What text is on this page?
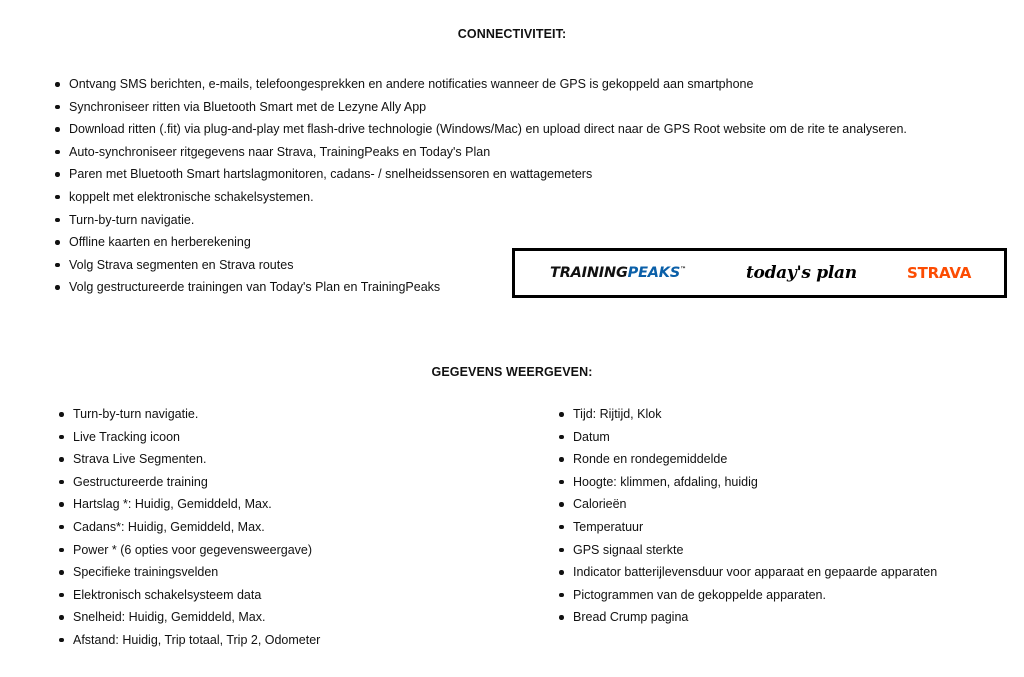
CONNECTIVITEIT:
Ontvang SMS berichten, e-mails, telefoongesprekken en andere notificaties wanneer de GPS is gekoppeld aan smartphone
Synchroniseer ritten via Bluetooth Smart met de Lezyne Ally App
Download ritten (.fit) via plug-and-play met flash-drive technologie (Windows/Mac) en upload direct naar de GPS Root website om de rite te analyseren.
Auto-synchroniseer ritgegevens naar Strava, TrainingPeaks en Today's Plan
Paren met Bluetooth Smart hartslagmonitoren, cadans- / snelheidssensoren en wattagemeters
koppelt met elektronische schakelsystemen.
Turn-by-turn navigatie.
Offline kaarten en herberekening
Volg Strava segmenten en Strava routes
Volg gestructureerde trainingen van Today's Plan en TrainingPeaks
TRAININGPEAKS™	today's plan	STRAVA
GEGEVENS WEERGEVEN:
Turn-by-turn navigatie.
Live Tracking icoon
Strava Live Segmenten.
Gestructureerde training
Hartslag *: Huidig, Gemiddeld, Max.
Cadans*: Huidig, Gemiddeld, Max.
Power * (6 opties voor gegevensweergave)
Specifieke trainingsvelden
Elektronisch schakelsysteem data
Snelheid: Huidig, Gemiddeld, Max.
Afstand: Huidig, Trip totaal, Trip 2, Odometer
Tijd: Rijtijd, Klok
Datum
Ronde en rondegemiddelde
Hoogte: klimmen, afdaling, huidig
Calorieën
Temperatuur
GPS signaal sterkte
Indicator batterijlevensduur voor apparaat en gepaarde apparaten
Pictogrammen van de gekoppelde apparaten.
Bread Crump pagina
